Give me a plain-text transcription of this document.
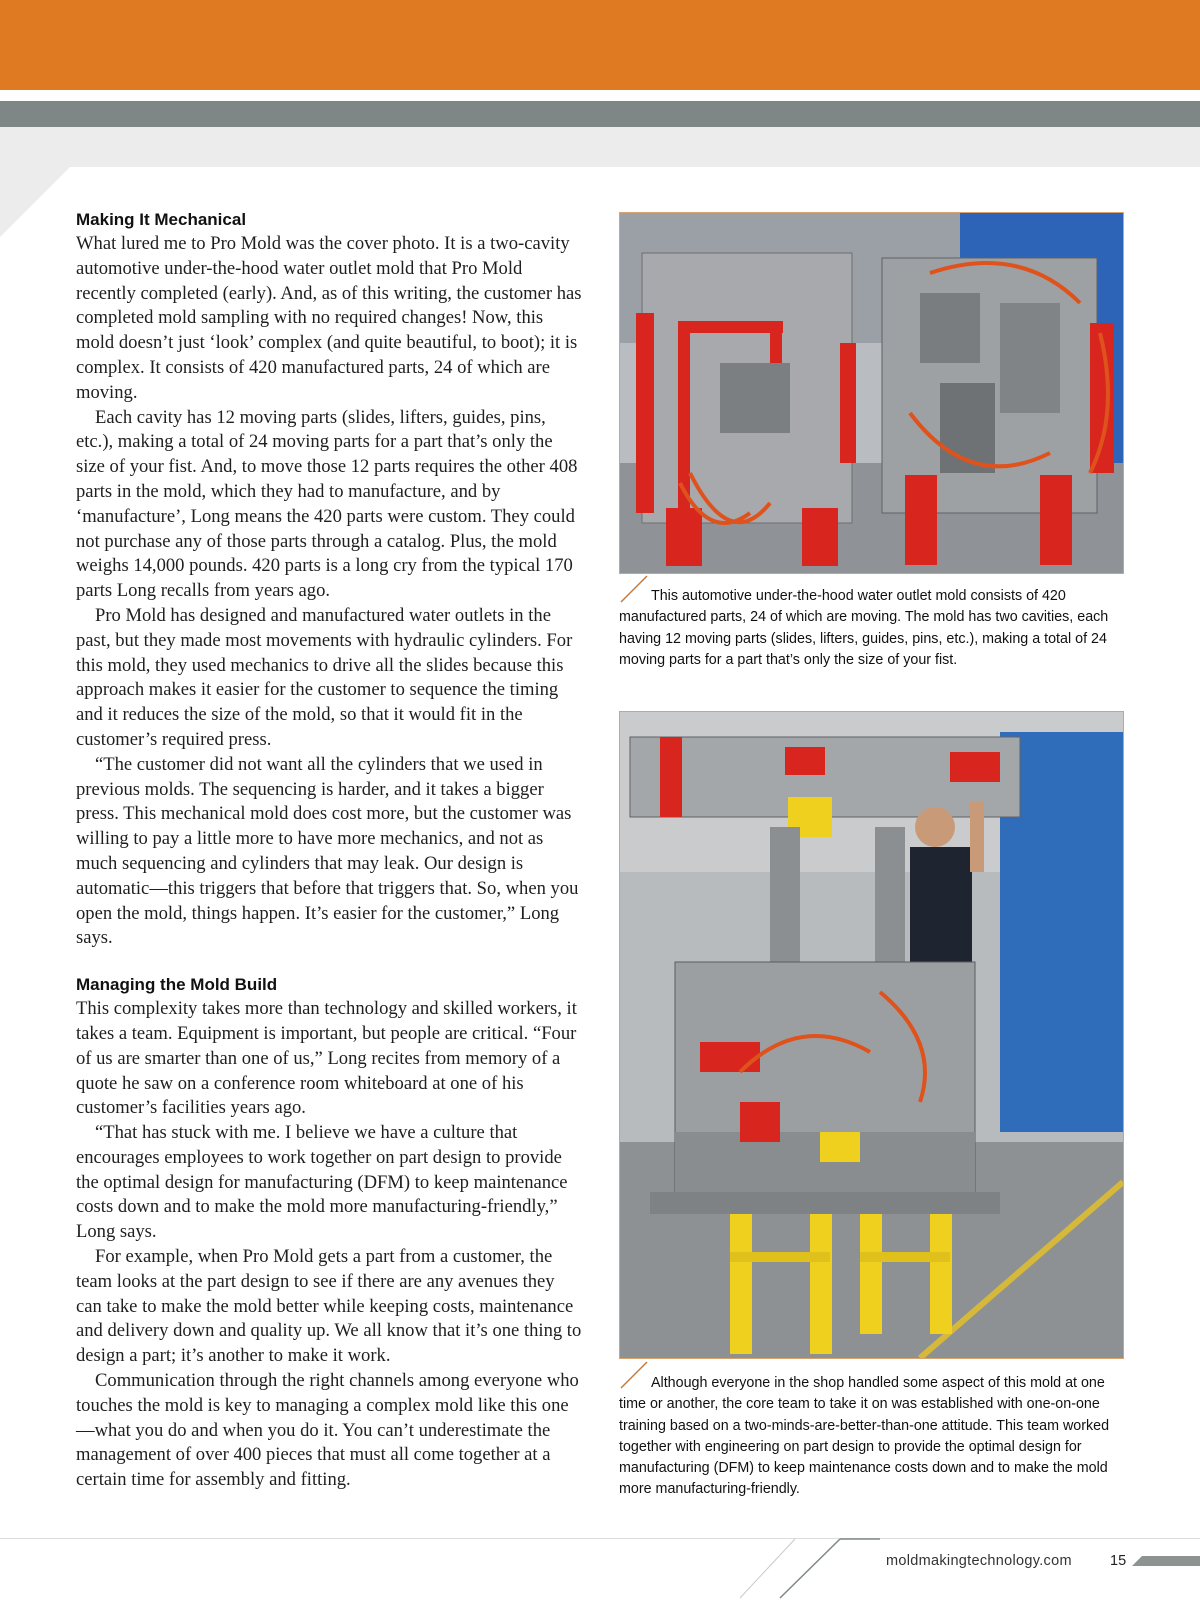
Making It Mechanical

What lured me to Pro Mold was the cover photo. It is a two-cavity automotive under-the-hood water outlet mold that Pro Mold recently completed (early). And, as of this writing, the customer has completed mold sampling with no required changes! Now, this mold doesn’t just ‘look’ complex (and quite beautiful, to boot); it is complex. It consists of 420 manufactured parts, 24 of which are moving.

Each cavity has 12 moving parts (slides, lifters, guides, pins, etc.), making a total of 24 moving parts for a part that’s only the size of your fist. And, to move those 12 parts requires the other 408 parts in the mold, which they had to manufacture, and by ‘manufacture’, Long means the 420 parts were custom. They could not purchase any of those parts through a catalog. Plus, the mold weighs 14,000 pounds. 420 parts is a long cry from the typical 170 parts Long recalls from years ago.

Pro Mold has designed and manufactured water outlets in the past, but they made most movements with hydraulic cylinders. For this mold, they used mechanics to drive all the slides because this approach makes it easier for the customer to sequence the timing and it reduces the size of the mold, so that it would fit in the customer’s required press.

“The customer did not want all the cylinders that we used in previous molds. The sequencing is harder, and it takes a bigger press. This mechanical mold does cost more, but the customer was willing to pay a little more to have more mechanics, and not as much sequencing and cylinders that may leak. Our design is automatic—this triggers that before that triggers that. So, when you open the mold, things happen. It’s easier for the customer,” Long says.

Managing the Mold Build

This complexity takes more than technology and skilled workers, it takes a team. Equipment is important, but people are critical. “Four of us are smarter than one of us,” Long recites from memory of a quote he saw on a conference room whiteboard at one of his customer’s facilities years ago.

“That has stuck with me. I believe we have a culture that encourages employees to work together on part design to provide the optimal design for manufacturing (DFM) to keep maintenance costs down and to make the mold more manufacturing-friendly,” Long says.

For example, when Pro Mold gets a part from a customer, the team looks at the part design to see if there are any avenues they can take to make the mold better while keeping costs, maintenance and delivery down and quality up. We all know that it’s one thing to design a part; it’s another to make it work.

Communication through the right channels among everyone who touches the mold is key to managing a complex mold like this one—what you do and when you do it. You can’t underestimate the management of over 400 pieces that must all come together at a certain time for assembly and fitting.

This automotive under-the-hood water outlet mold consists of 420 manufactured parts, 24 of which are moving. The mold has two cavities, each having 12 moving parts (slides, lifters, guides, pins, etc.), making a total of 24 moving parts for a part that’s only the size of your fist.
Although everyone in the shop handled some aspect of this mold at one time or another, the core team to take it on was established with one-on-one training based on a two-minds-are-better-than-one attitude. This team worked together with engineering on part design to provide the optimal design for manufacturing (DFM) to keep maintenance costs down and to make the mold more manufacturing-friendly.
moldmakingtechnology.com	15
